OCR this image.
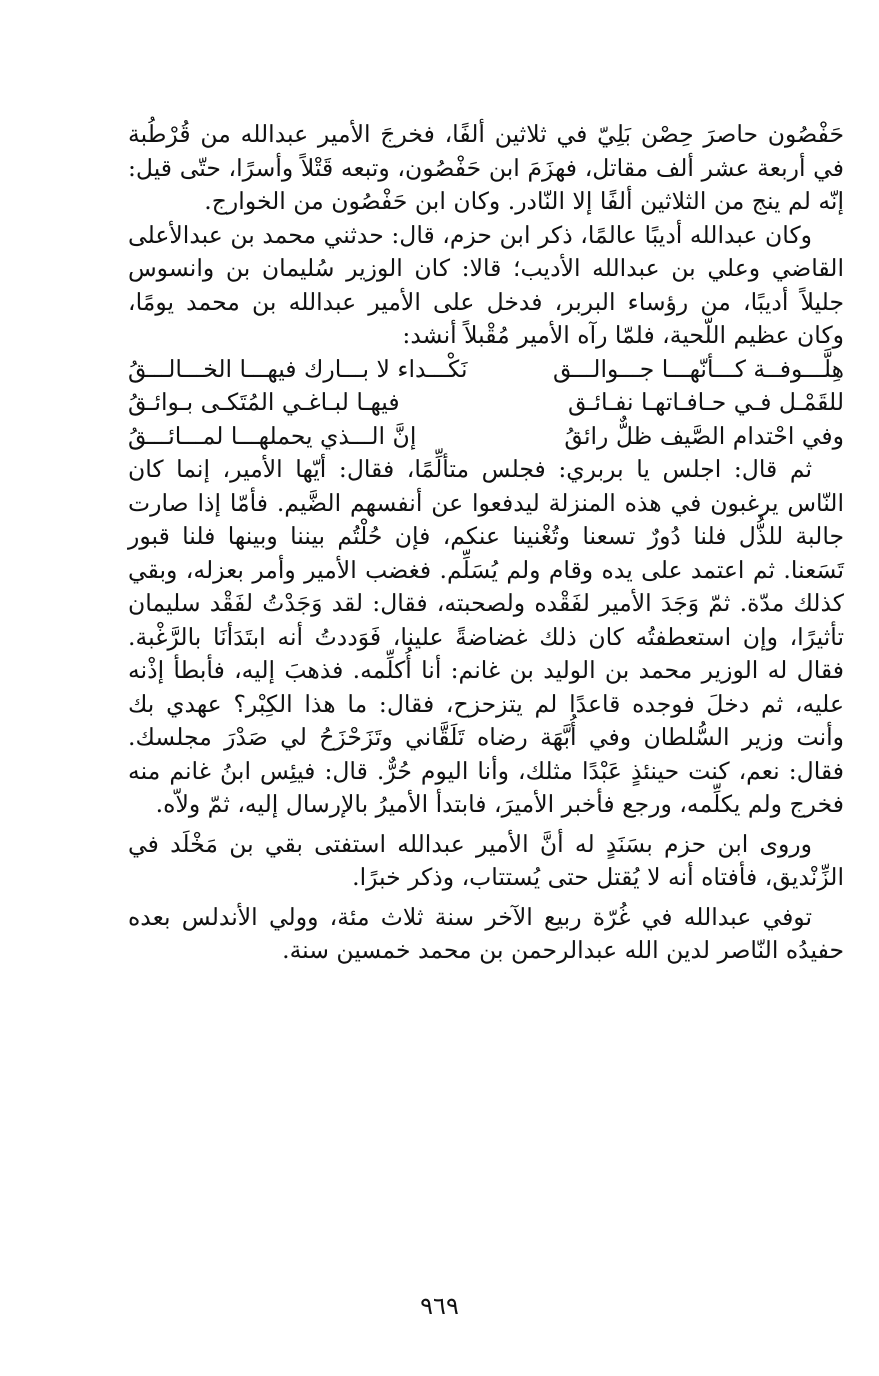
حَفْصُون حاصرَ حِصْن بَلِيّ في ثلاثين ألفًا، فخرجَ الأمير عبدالله من قُرْطُبة في أربعة عشر ألف مقاتل، فهزَمَ ابن حَفْصُون، وتبعه قَتْلاً وأسرًا، حتّى قيل: إنّه لم ينج من الثلاثين ألفًا إلا النّادر. وكان ابن حَفْصُون من الخوارج.

وكان عبدالله أديبًا عالمًا، ذكر ابن حزم، قال: حدثني محمد بن عبدالأعلى القاضي وعلي بن عبدالله الأديب؛ قالا: كان الوزير سُليمان بن وانسوس جليلاً أديبًا، من رؤساء البربر، فدخل على الأمير عبدالله بن محمد يومًا، وكان عظيم اللّحية، فلمّا رآه الأمير مُقْبلاً أنشد:

هِلَّـــوفــة كـــأنّهـــا جـــوالـــق
نَكْـــداء لا بـــارك فيهـــا الخـــالـــقُ
للقَمْـل فـي حـافـاتهـا نفـائـق
فيهـا لبـاغـي المُتَكـى بـوائـقُ
وفي احْتدام الصَّيف ظلٌّ رائقُ
إنَّ الـــذي يحملهـــا لمـــائـــقُ

ثم قال: اجلس يا بربري: فجلس متألِّمًا، فقال: أيّها الأمير، إنما كان النّاس يرغبون في هذه المنزلة ليدفعوا عن أنفسهم الضَّيم. فأمّا إذا صارت جالبة للذُّل فلنا دُورٌ تسعنا وتُغْنينا عنكم، فإن حُلْتُم بيننا وبينها فلنا قبور تَسَعنا. ثم اعتمد على يده وقام ولم يُسَلِّم. فغضب الأمير وأمر بعزله، وبقي كذلك مدّة. ثمّ وَجَدَ الأمير لفَقْده ولصحبته، فقال: لقد وَجَدْتُ لفَقْد سليمان تأثيرًا، وإن استعطفتُه كان ذلك غضاضةً علينا، فَوَددتُ أنه ابتَدَأنَا بالرَّغْبة. فقال له الوزير محمد بن الوليد بن غانم: أنا أُكلِّمه. فذهبَ إليه، فأبطأ إذْنه عليه، ثم دخلَ فوجده قاعدًا لم يتزحزح، فقال: ما هذا الكِبْر؟ عهدي بك وأنت وزير السُّلطان وفي أُبَّهَة رضاه تَلَقَّاني وتَزَحْزَحُ لي صَدْرَ مجلسك. فقال: نعم، كنت حينئذٍ عَبْدًا مثلك، وأنا اليوم حُرٌّ. قال: فيئِس ابنُ غانم منه فخرج ولم يكلِّمه، ورجع فأخبر الأميرَ، فابتدأ الأميرُ بالإرسال إليه، ثمّ ولاّه.

وروى ابن حزم بسَنَدٍ له أنَّ الأمير عبدالله استفتى بقي بن مَخْلَد في الزِّنْديق، فأفتاه أنه لا يُقتل حتى يُستتاب، وذكر خبرًا.

توفي عبدالله في غُرّة ربيع الآخر سنة ثلاث مئة، وولي الأندلس بعده حفيدُه النّاصر لدين الله عبدالرحمن بن محمد خمسين سنة.

٩٦٩
